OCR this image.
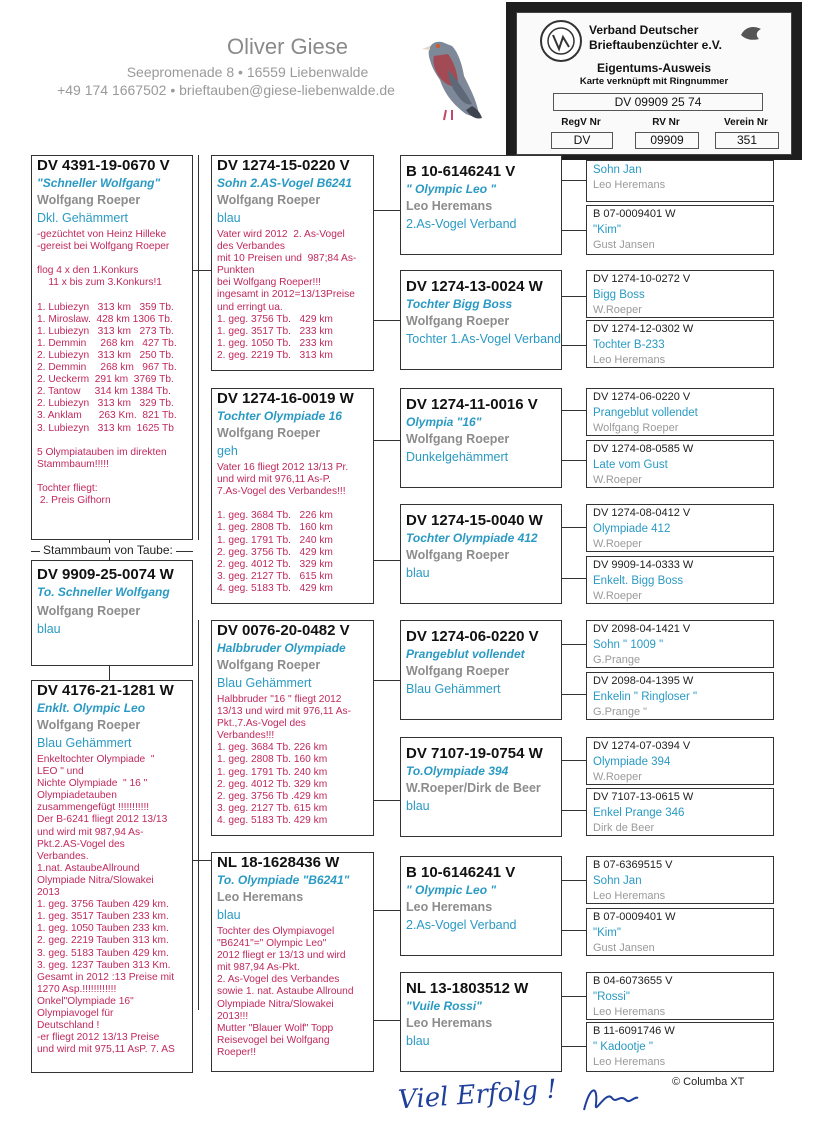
Oliver Giese
Seepromenade 8 • 16559 Liebenwalde
+49 174 1667502 • brieftauben@giese-liebenwalde.de
Verband Deutscher
Brieftaubenzüchter e.V.
Eigentums-Ausweis
Karte verknüpft mit Ringnummer
DV 09909 25 74
RegV Nr	RV Nr	Verein Nr
DV	09909	351
DV 4391-19-0670 V
"Schneller Wolfgang"
Wolfgang Roeper
Dkl. Gehämmert
-gezüchtet von Heinz Hilleke
-gereist bei Wolfgang Roeper

flog 4 x den 1.Konkurs
11 x bis zum 3.Konkurs!1

1. Lubiezyn   313 km   359 Tb.
1. Miroslaw.  428 km 1306 Tb.
1. Lubiezyn   313 km   273 Tb.
1. Demmin     268 km   427 Tb.
2. Lubiezyn   313 km   250 Tb.
2. Demmin     268 km   967 Tb.
2. Ueckerm  291 km  3769 Tb.
2. Tantow     314 km 1384 Tb.
2. Lubiezyn   313 km   329 Tb.
3. Anklam      263 Km.  821 Tb.
3. Lubiezyn   313 km  1625 Tb

5 Olympiatauben im direkten
Stammbaum!!!!!

Tochter fliegt:
2. Preis Gifhorn
Stammbaum von Taube:
DV 9909-25-0074 W
To. Schneller Wolfgang
Wolfgang Roeper
blau
DV 4176-21-1281 W
Enklt. Olympic Leo
Wolfgang Roeper
Blau Gehämmert
Enkeltochter Olympiade  "
LEO " und
Nichte Olympiade  " 16 "
Olympiadetauben
zusammengefügt !!!!!!!!!!!
Der B-6241 fliegt 2012 13/13
und wird mit 987,94 As-
Pkt.2.AS-Vogel des
Verbandes.
1.nat. AstaubeAllround
Olympiade Nitra/Slowakei
2013
1. geg. 3756 Tauben 429 km.
1. geg. 3517 Tauben 233 km.
1. geg. 1050 Tauben 233 km.
2. geg. 2219 Tauben 313 km.
3. geg. 5183 Tauben 429 km.
3. geg. 1237 Tauben 313 Km.
Gesamt in 2012 :13 Preise mit
1270 Asp.!!!!!!!!!!!!
Onkel"Olympiade 16"
Olympiavogel für
Deutschland !
-er fliegt 2012 13/13 Preise
und wird mit 975,11 AsP. 7. AS
DV 1274-15-0220 V
Sohn 2.AS-Vogel B6241
Wolfgang Roeper
blau
Vater wird 2012  2. As-Vogel
des Verbandes
mit 10 Preisen und  987;84 As-
Punkten
bei Wolfgang Roeper!!!
ingesamt in 2012=13/13Preise
und erringt ua.
1. geg. 3756 Tb.   429 km
1. geg. 3517 Tb.   233 km
1. geg. 1050 Tb.   233 km
2. geg. 2219 Tb.   313 km
DV 1274-16-0019 W
Tochter Olympiade 16
Wolfgang Roeper
geh
Vater 16 fliegt 2012 13/13 Pr.
und wird mit 976,11 As-P.
7.As-Vogel des Verbandes!!!

1. geg. 3684 Tb.   226 km
1. geg. 2808 Tb.   160 km
1. geg. 1791 Tb.   240 km
2. geg. 3756 Tb.   429 km
2. geg. 4012 Tb.   329 km
3. geg. 2127 Tb.   615 km
4. geg. 5183 Tb.   429 km
DV 0076-20-0482 V
Halbbruder Olympiade
Wolfgang Roeper
Blau Gehämmert
Halbbruder "16 " fliegt 2012
13/13 und wird mit 976,11 As-
Pkt.,7.As-Vogel des
Verbandes!!!
1. geg. 3684 Tb. 226 km
1. geg. 2808 Tb. 160 km
1. geg. 1791 Tb. 240 km
2. geg. 4012 Tb. 329 km
2. geg. 3756 Tb .429 km
3. geg. 2127 Tb. 615 km
4. geg. 5183 Tb. 429 km
NL 18-1628436 W
To. Olympiade "B6241"
Leo Heremans
blau
Tochter des Olympiavogel
"B6241"=" Olympic Leo"
2012 fliegt er 13/13 und wird
mit 987,94 As-Pkt.
2. As-Vogel des Verbandes
sowie 1. nat. Astaube Allround
Olympiade Nitra/Slowakei
2013!!!
Mutter "Blauer Wolf" Topp
Reisevogel bei Wolfgang
Roeper!!
B 10-6146241 V
" Olympic Leo "
Leo Heremans
2.As-Vogel Verband
DV 1274-13-0024 W
Tochter Bigg Boss
Wolfgang Roeper
Tochter 1.As-Vogel Verband
DV 1274-11-0016 V
Olympia "16"
Wolfgang Roeper
Dunkelgehämmert
DV 1274-15-0040 W
Tochter Olympiade 412
Wolfgang Roeper
blau
DV 1274-06-0220 V
Prangeblut vollendet
Wolfgang Roeper
Blau Gehämmert
DV 7107-19-0754 W
To.Olympiade 394
W.Roeper/Dirk de Beer
blau
B 10-6146241 V
" Olympic Leo "
Leo Heremans
2.As-Vogel Verband
NL 13-1803512 W
"Vuile Rossi"
Leo Heremans
blau
Sohn Jan
Leo Heremans
B 07-0009401 W
"Kim"
Gust Jansen
DV 1274-10-0272 V
Bigg Boss
W.Roeper
DV 1274-12-0302 W
Tochter B-233
Leo Heremans
DV 1274-06-0220 V
Prangeblut vollendet
Wolfgang Roeper
DV 1274-08-0585 W
Late vom Gust
W.Roeper
DV 1274-08-0412 V
Olympiade 412
W.Roeper
DV 9909-14-0333 W
Enkelt. Bigg Boss
W.Roeper
DV 2098-04-1421 V
Sohn " 1009 "
G.Prange
DV 2098-04-1395 W
Enkelin " Ringloser "
G.Prange "
DV 1274-07-0394 V
Olympiade 394
W.Roeper
DV 7107-13-0615 W
Enkel Prange 346
Dirk de Beer
B 07-6369515 V
Sohn Jan
Leo Heremans
B 07-0009401 W
"Kim"
Gust Jansen
B 04-6073655 V
"Rossi"
Leo Heremans
B 11-6091746 W
" Kadootje "
Leo Heremans
© Columba XT
Viel Erfolg !
